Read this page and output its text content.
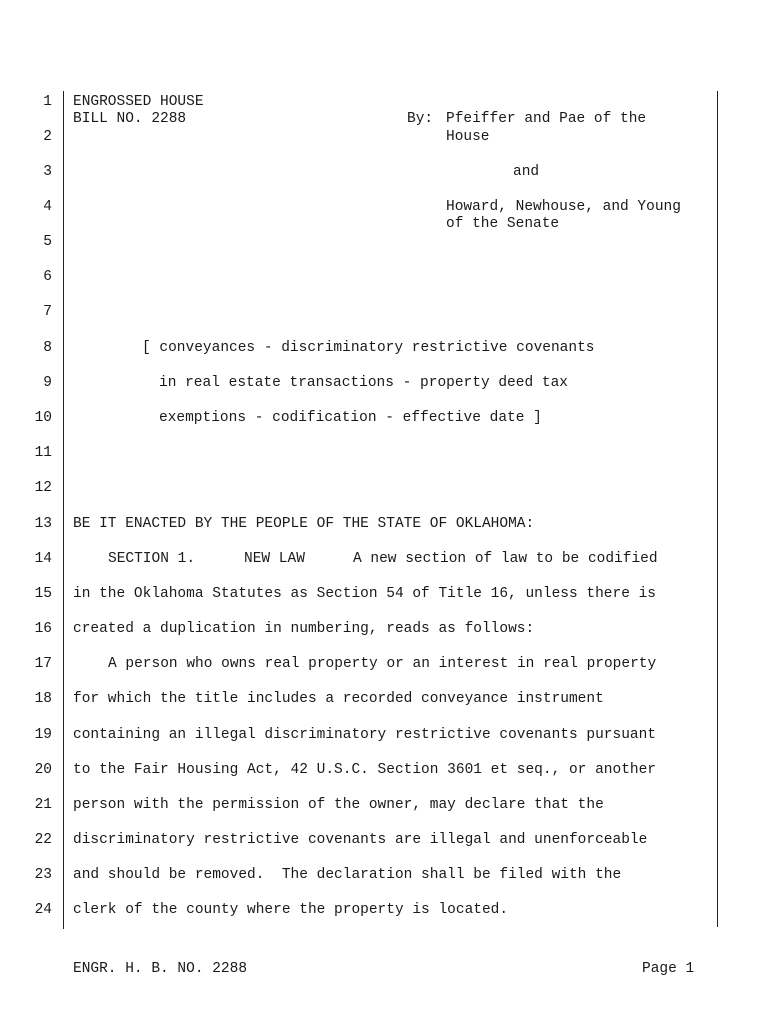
1
2
3
4
5
6
7
8
9
10
11
12
13
14
15
16
17
18
19
20
21
22
23
24
ENGROSSED HOUSE
BILL NO. 2288	By: Pfeiffer and Pae of the
House
and
Howard, Newhouse, and Young
of the Senate
[ conveyances - discriminatory restrictive covenants
in real estate transactions - property deed tax
exemptions - codification - effective date ]
BE IT ENACTED BY THE PEOPLE OF THE STATE OF OKLAHOMA:
SECTION 1.	NEW LAW	A new section of law to be codified
in the Oklahoma Statutes as Section 54 of Title 16, unless there is
created a duplication in numbering, reads as follows:
A person who owns real property or an interest in real property
for which the title includes a recorded conveyance instrument
containing an illegal discriminatory restrictive covenants pursuant
to the Fair Housing Act, 42 U.S.C. Section 3601 et seq., or another
person with the permission of the owner, may declare that the
discriminatory restrictive covenants are illegal and unenforceable
and should be removed.  The declaration shall be filed with the
clerk of the county where the property is located.
ENGR. H. B. NO. 2288	Page 1
